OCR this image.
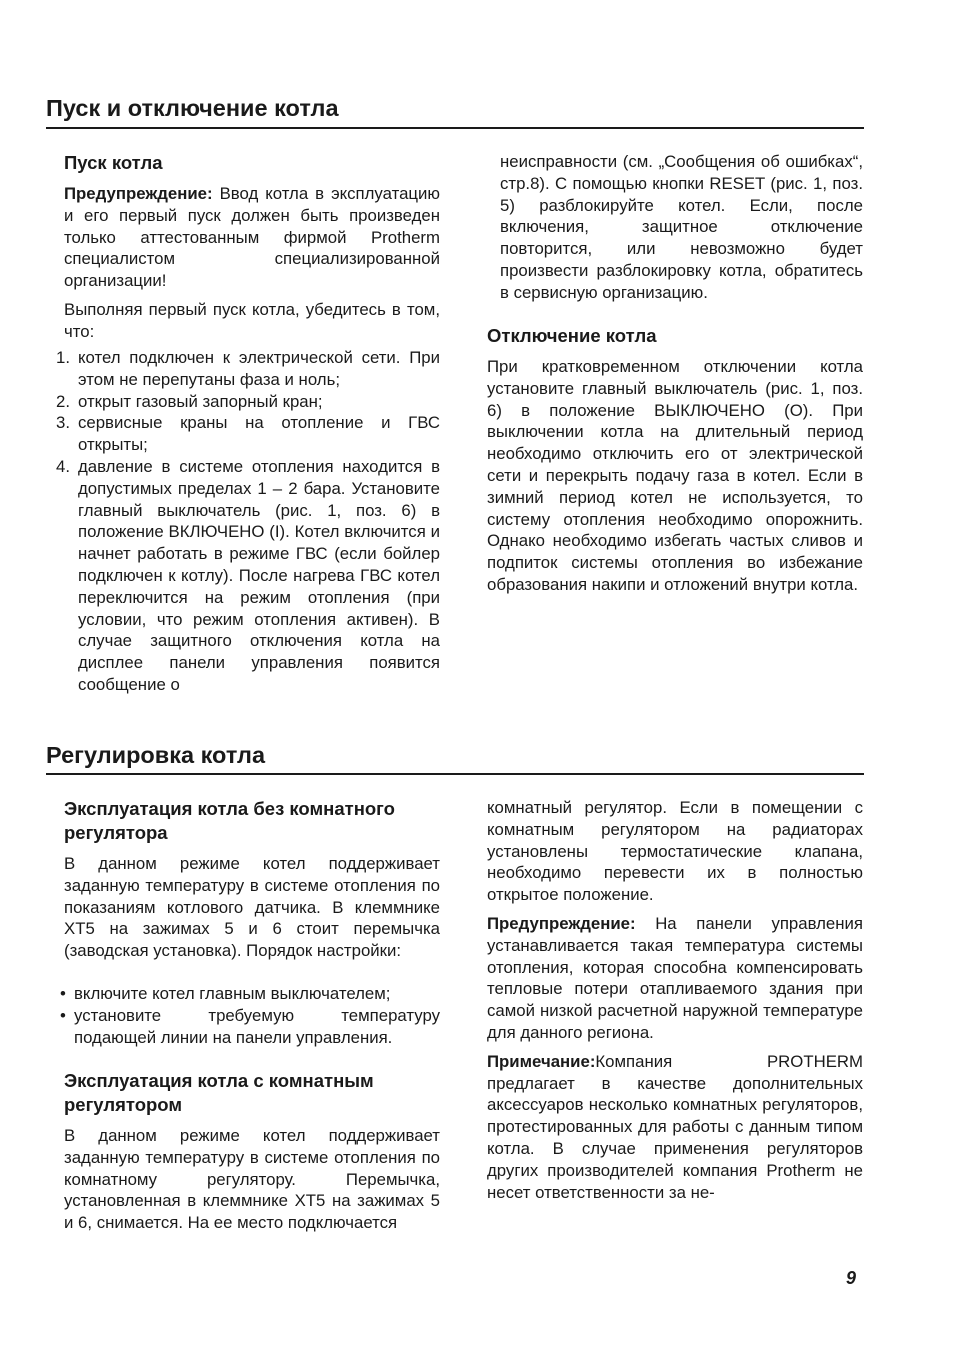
Пуск и отключение котла
Пуск котла

Предупреждение: Ввод котла в эксплуатацию и его первый пуск должен быть произведен только аттестованным фирмой Protherm специалистом специализированной организации!

Выполняя первый пуск котла, убедитесь в том, что:

1. котел подключен к электрической сети. При этом не перепутаны фаза и ноль;
2. открыт газовый запорный кран;
3. сервисные краны на отопление и ГВС открыты;
4. давление в системе отопления находится в допустимых пределах 1 – 2 бара. Установите главный выключатель (рис. 1, поз. 6) в положение ВКЛЮЧЕНО (I). Котел включится и начнет работать в режиме ГВС (если бойлер подключен к котлу). После нагрева ГВС котел переключится на режим отопления (при условии, что режим отопления активен). В случае защитного отключения котла на дисплее панели управления появится сообщение о

неисправности (см. „Сообщения об ошибках“, стр.8). С помощью кнопки RESET (рис. 1, поз. 5) разблокируйте котел. Если, после включения, защитное отключение повторится, или невозможно будет произвести разблокировку котла, обратитесь в сервисную организацию.

Отключение котла

При кратковременном отключении котла установите главный выключатель (рис. 1, поз. 6) в положение ВЫКЛЮЧЕНО (О). При выключении котла на длительный период необходимо отключить его от электрической сети и перекрыть подачу газа в котел. Если в зимний период котел не используется, то систему отопления необходимо опорожнить. Однако необходимо избегать частых сливов и подпиток системы отопления во избежание образования накипи и отложений внутри котла.

Регулировка котла
Эксплуатация котла без комнатного регулятора

В данном режиме котел поддерживает заданную температуру в системе отопления по показаниям котлового датчика. В клеммнике XT5 на зажимах 5 и 6 стоит перемычка (заводская установка). Порядок настройки:

• включите котел главным выключателем;
• установите требуемую температуру подающей линии на панели управления.
Эксплуатация котла с комнатным регулятором

В данном режиме котел поддерживает заданную температуру в системе отопления по комнатному регулятору. Перемычка, установленная в клеммнике XT5 на зажимах 5 и 6, снимается. На ее место подключается

комнатный регулятор. Если в помещении с комнатным регулятором на радиаторах установлены термостатические клапана, необходимо перевести их в полностью открытое положение.

Предупреждение: На панели управления устанавливается такая температура системы отопления, которая способна компенсировать тепловые потери отапливаемого здания при самой низкой расчетной наружной температуре для данного региона.

Примечание:Компания PROTHERM предлагает в качестве дополнительных аксессуаров несколько комнатных регуляторов, протестированных для работы с данным типом котла. В случае применения регуляторов других производителей компания Protherm не несет ответственности за не-

9
